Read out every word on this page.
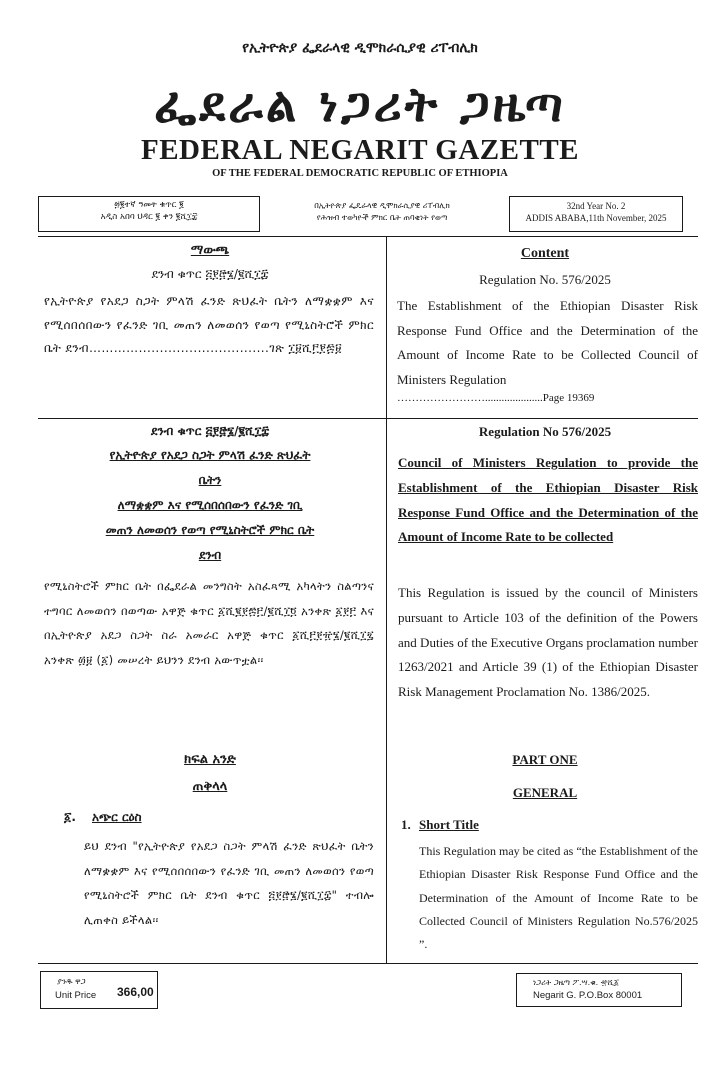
የኢትዮጵያ ፌደራላዊ ዲሞክራሲያዊ ሪፐብሊክ
ፌደራል ነጋሪት ጋዜጣ
FEDERAL NEGARIT GAZETTE
OF THE FEDERAL DEMOCRATIC REPUBLIC OF ETHIOPIA
፴፪ተኛ ዓመት ቁጥር ፪
አዲስ አበባ ህዳር ፪ ቀን ፪ሺ፲፰
በኢትዮጵያ ፌዴራላዊ ዲሞክራሲያዊ ሪፐብሊክ
የሕዝብ ተወካዮች ምክር ቤት ጠባቂነት የወጣ
32nd Year No. 2
ADDIS ABABA,11th November, 2025
ማውጫ
ደንብ ቁጥር ፭፻፸፮/፪ሺ፲፰

የኢትዮጵያ የአደጋ ስጋት ምላሽ ፈንድ ጽህፈት ቤትን ለማቋቋም እና የሚሰበሰበውን የፈንድ ገቢ መጠን ለመወሰን የወጣ የሚኒስትሮች ምክር ቤት ደንብ…………...............................ገጽ ፲፱ሺ፫፻፷፱

Content
Regulation No. 576/2025

The Establishment of the Ethiopian Disaster Risk Response Fund Office and the Determination of the Amount of Income Rate to be Collected Council of Ministers Regulation

…………………….....................Page 19369
ደንብ ቁጥር ፭፻፸፮/፪ሺ፲፰
የኢትዮጵያ የአደጋ ስጋት ምላሽ ፈንድ ጽህፈት
ቤትን
ለማቋቋም እና የሚሰበሰበውን የፈንድ ገቢ
መጠን ለመወሰን የወጣ የሚኒስትሮች ምክር ቤት
ደንብ

የሚኒስትሮች ምክር ቤት በፌደራል መንግስት አስፈጻሚ አካላትን ስልጣንና ተግባር ለመወሰን በወጣው አዋጅ ቁጥር ፩ሺ፪፻፷፫/፪ሺ፲፬ አንቀጽ ፩፻፫ እና በኢትዮጵያ አደጋ ስጋት ስራ አመራር አዋጅ ቁጥር ፩ሺ፫፻፹፮/፪ሺ፲፯ አንቀጽ ፴፱ (፩) መሠረት ይህንን ደንብ አውጥቷል፡፡

ክፍል አንድ
ጠቅላላ
፩. አጭር ርዕስ

ይህ ደንብ "የኢትዮጵያ የአደጋ ስጋት ምላሽ ፈንድ ጽህፈት ቤትን ለማቋቋም እና የሚሰበሰበውን የፈንድ ገቢ መጠን ለመወሰን የወጣ የሚኒስትሮች ምክር ቤት ደንብ ቁጥር ፭፻፸፮/፪ሺ፲፰" ተብሎ ሊጠቀስ ይችላል፡፡

Regulation No 576/2025

Council of Ministers Regulation to provide the Establishment of the Ethiopian Disaster Risk Response Fund Office and the Determination of the Amount of Income Rate to be collected

This Regulation is issued by the council of Ministers pursuant to Article 103 of the definition of the Powers and Duties of the Executive Organs proclamation number 1263/2021 and Article 39 (1) of the Ethiopian Disaster Risk Management Proclamation No. 1386/2025.

PART ONE
GENERAL
1. Short Title

This Regulation may be cited as “the Establishment of the Ethiopian Disaster Risk Response Fund Office and the Determination of the Amount of Income Rate to be Collected Council of Ministers Regulation No.576/2025 ”.

ያንዱ ዋጋ
Unit Price 366,00
ነጋሪት ጋዜጣ ፖ.ሣ.ቁ. ፹ሺ፩
Negarit G. P.O.Box 80001
